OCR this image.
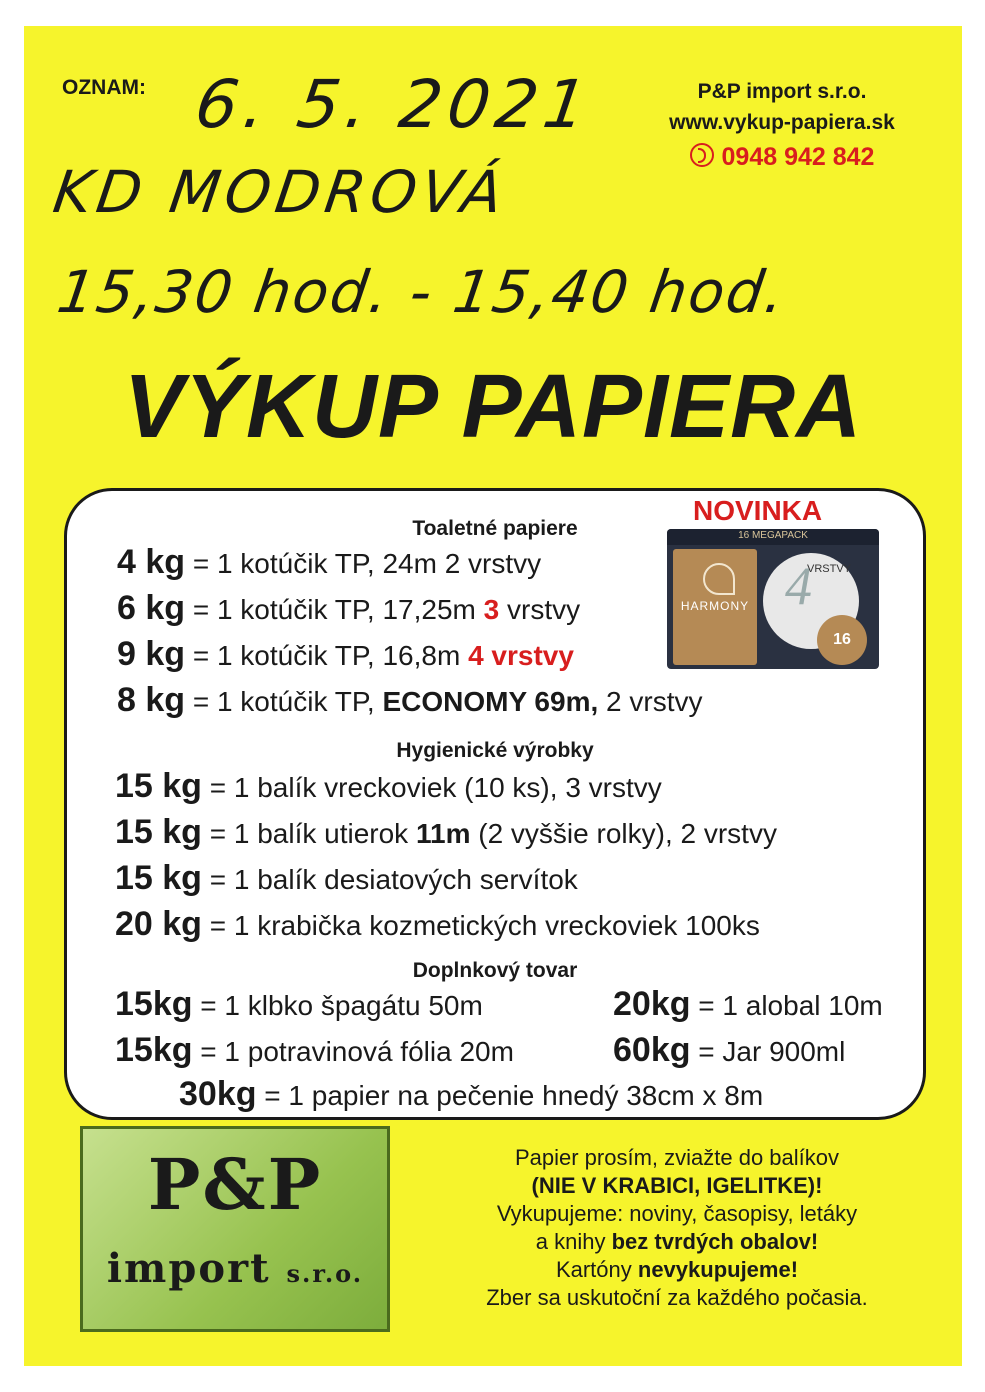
OZNAM: 6. 5. 2021
KD MODROVÁ
15,30 hod. - 15,40 hod.
P&P import s.r.o.
www.vykup-papiera.sk
0948 942 842
VÝKUP PAPIERA
NOVINKA
16 MEGAPACK
HARMONY 4
VRSTVY
16
Toaletné papiere
4 kg = 1 kotúčik TP, 24m 2 vrstvy
6 kg = 1 kotúčik TP, 17,25m 3 vrstvy
9 kg = 1 kotúčik TP, 16,8m 4 vrstvy
8 kg = 1 kotúčik TP, ECONOMY 69m, 2 vrstvy
Hygienické výrobky
15 kg = 1 balík vreckoviek (10 ks), 3 vrstvy
15 kg = 1 balík utierok 11m (2 vyššie rolky), 2 vrstvy
15 kg = 1 balík desiatových servítok
20 kg = 1 krabička kozmetických vreckoviek 100ks
Doplnkový tovar
15kg = 1 klbko špagátu 50m	20kg = 1 alobal 10m
15kg = 1 potravinová fólia 20m	60kg = Jar 900ml
30kg = 1 papier na pečenie hnedý 38cm x 8m
P&P
import s.r.o.
Papier prosím, zviažte do balíkov
(NIE V KRABICI, IGELITKE)!
Vykupujeme: noviny, časopisy, letáky
a knihy bez tvrdých obalov!
Kartóny nevykupujeme!
Zber sa uskutoční za každého počasia.
